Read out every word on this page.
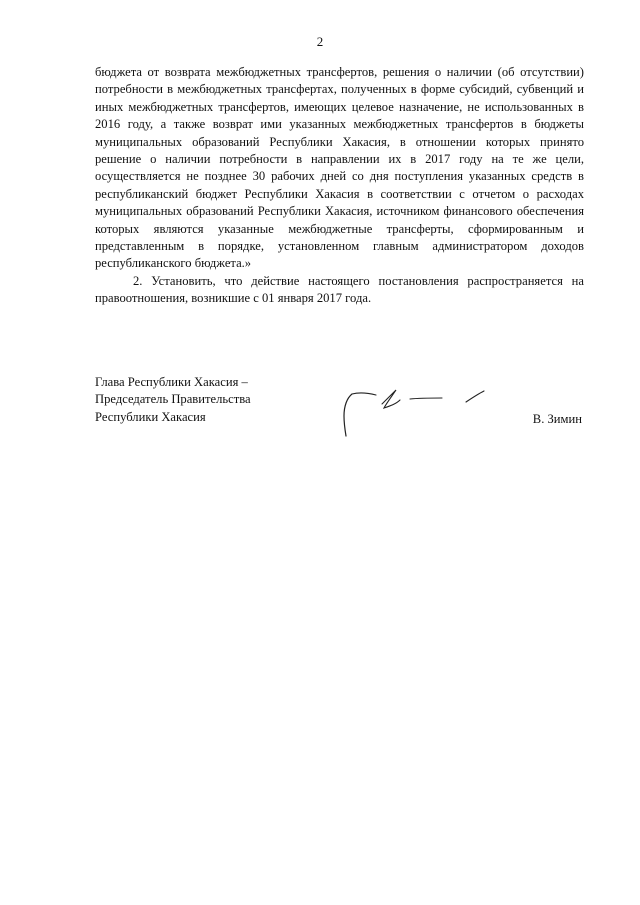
2

бюджета от возврата межбюджетных трансфертов, решения о наличии (об отсутствии) потребности в межбюджетных трансфертах, полученных в форме субсидий, субвенций и иных межбюджетных трансфертов, имеющих целевое назначение, не использованных в 2016 году, а также возврат ими указанных межбюджетных трансфертов в бюджеты муниципальных образований Республики Хакасия, в отношении которых принято решение о наличии потребности в направлении их в 2017 году на те же цели, осуществляется не позднее 30 рабочих дней со дня поступления указанных средств в республиканский бюджет Республики Хакасия в соответствии с отчетом о расходах муниципальных образований Республики Хакасия, источником финансового обеспечения которых являются указанные межбюджетные трансферты, сформированным и представленным в порядке, установленном главным администратором доходов республиканского бюджета.»

2. Установить, что действие настоящего постановления распространяется на правоотношения, возникшие с 01 января 2017 года.

Глава Республики Хакасия –
Председатель Правительства
Республики Хакасия	В. Зимин
